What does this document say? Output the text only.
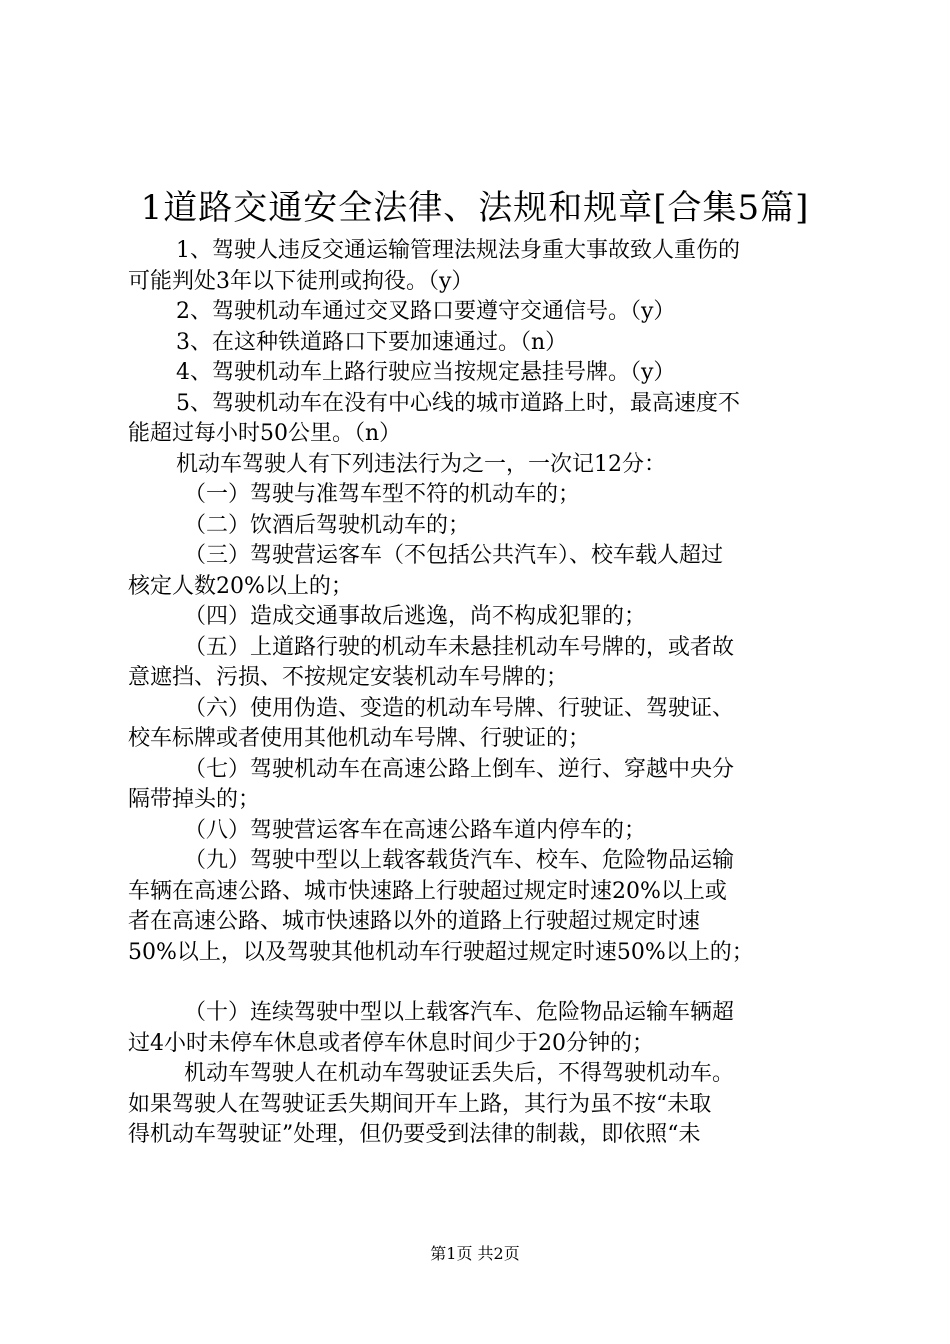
1道路交通安全法律、法规和规章[合集5篇]
1、驾驶人违反交通运输管理法规法身重大事故致人重伤的
可能判处3年以下徒刑或拘役。（y）
2、驾驶机动车通过交叉路口要遵守交通信号。（y）
3、在这种铁道路口下要加速通过。（n）
4、驾驶机动车上路行驶应当按规定悬挂号牌。（y）
5、驾驶机动车在没有中心线的城市道路上时，最高速度不
能超过每小时50公里。（n）
机动车驾驶人有下列违法行为之一，一次记12分：
（一）驾驶与准驾车型不符的机动车的；
（二）饮酒后驾驶机动车的；
（三）驾驶营运客车（不包括公共汽车）、校车载人超过
核定人数20%以上的；
（四）造成交通事故后逃逸，尚不构成犯罪的；
（五）上道路行驶的机动车未悬挂机动车号牌的，或者故
意遮挡、污损、不按规定安装机动车号牌的；
（六）使用伪造、变造的机动车号牌、行驶证、驾驶证、
校车标牌或者使用其他机动车号牌、行驶证的；
（七）驾驶机动车在高速公路上倒车、逆行、穿越中央分
隔带掉头的；
（八）驾驶营运客车在高速公路车道内停车的；
（九）驾驶中型以上载客载货汽车、校车、危险物品运输
车辆在高速公路、城市快速路上行驶超过规定时速20%以上或
者在高速公路、城市快速路以外的道路上行驶超过规定时速
50%以上，以及驾驶其他机动车行驶超过规定时速50%以上的；
（十）连续驾驶中型以上载客汽车、危险物品运输车辆超
过4小时未停车休息或者停车休息时间少于20分钟的；
机动车驾驶人在机动车驾驶证丢失后，不得驾驶机动车。
如果驾驶人在驾驶证丢失期间开车上路，其行为虽不按“未取
得机动车驾驶证”处理，但仍要受到法律的制裁，即依照“未
第1页 共2页
